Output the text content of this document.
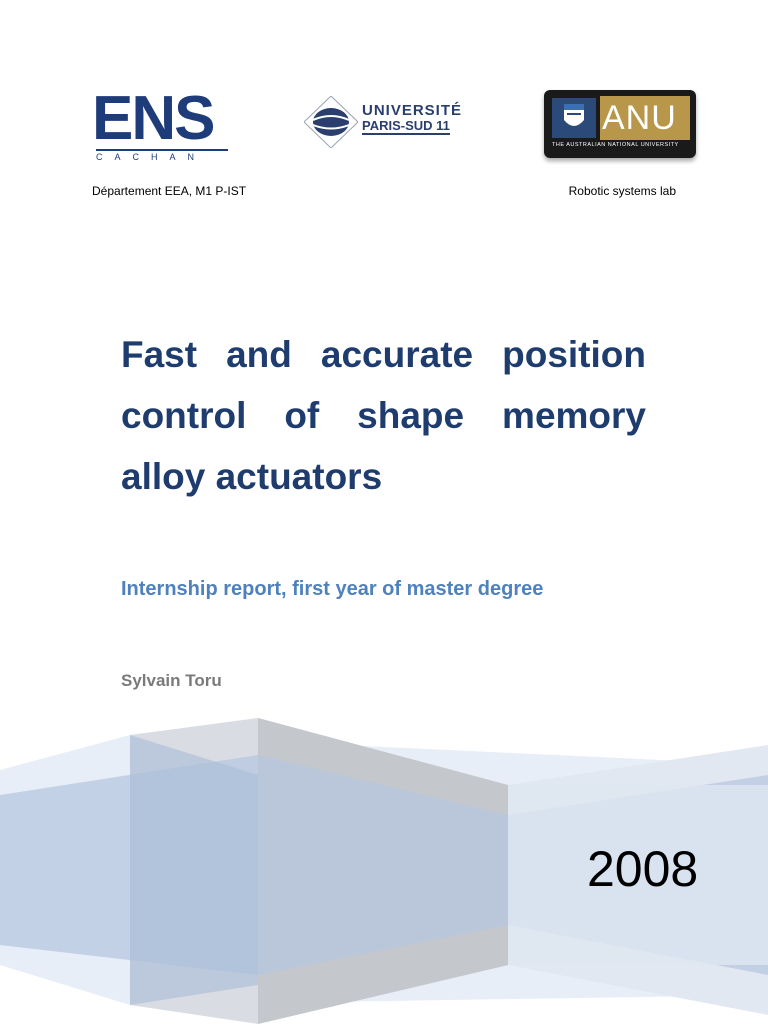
ENS
CACHAN
UNIVERSITÉ
PARIS-SUD 11	ANU
THE AUSTRALIAN NATIONAL UNIVERSITY
Département EEA, M1 P-IST	Robotic systems lab
Fast and accurate position control of shape memory alloy actuators
Internship report, first year of master degree
Sylvain Toru
2008
